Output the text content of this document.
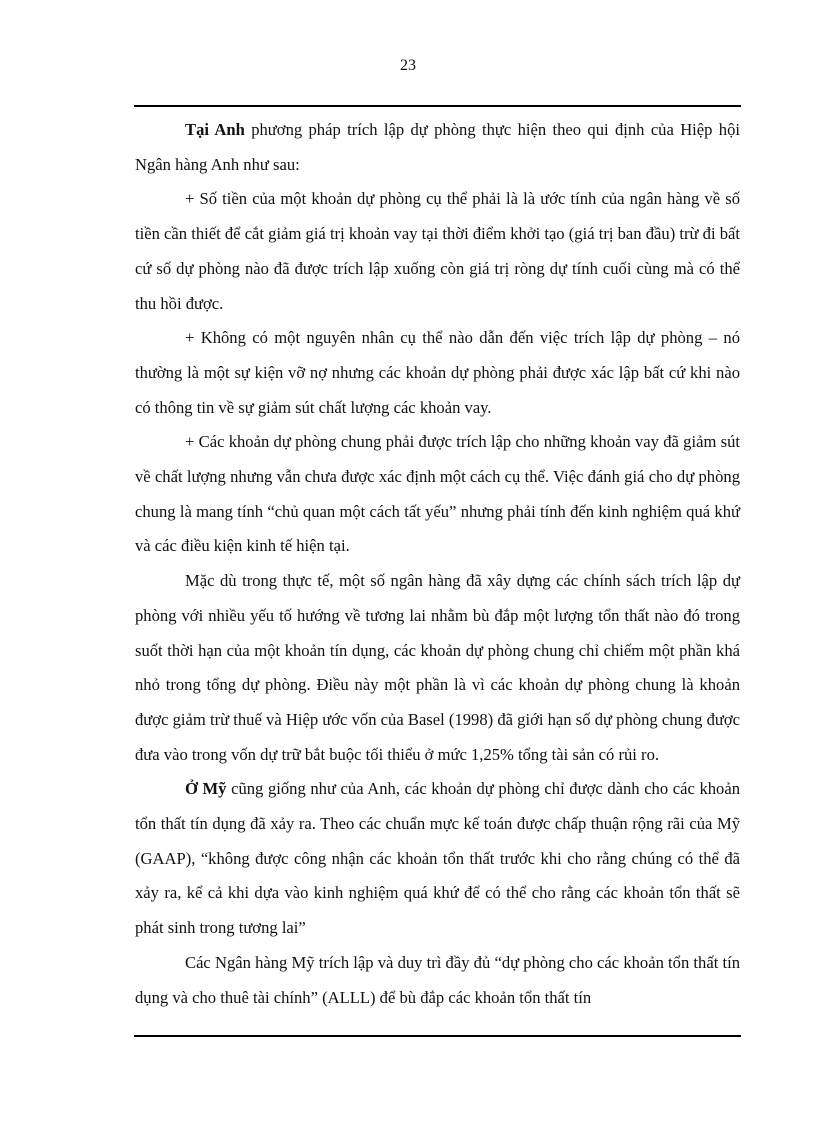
23

Tại Anh phương pháp trích lập dự phòng thực hiện theo qui định của Hiệp hội Ngân hàng Anh như sau:

+ Số tiền của một khoản dự phòng cụ thể phải là là ước tính của ngân hàng về số tiền cần thiết để cắt giảm giá trị khoản vay tại thời điểm khởi tạo (giá trị ban đầu) trừ đi bất cứ số dự phòng nào đã được trích lập xuống còn giá trị ròng dự tính cuối cùng mà có thể thu hồi được.

+ Không có một nguyên nhân cụ thể nào dẫn đến việc trích lập dự phòng – nó thường là một sự kiện vỡ nợ nhưng các khoản dự phòng phải được xác lập bất cứ khi nào có thông tin về sự giảm sút chất lượng các khoản vay.

+ Các khoản dự phòng chung phải được trích lập cho những khoản vay đã giảm sút về chất lượng nhưng vẫn chưa được xác định một cách cụ thể. Việc đánh giá cho dự phòng chung là mang tính “chủ quan một cách tất yếu” nhưng phải tính đến kinh nghiệm quá khứ và các điều kiện kinh tế hiện tại.

Mặc dù trong thực tế, một số ngân hàng đã xây dựng các chính sách trích lập dự phòng với nhiều yếu tố hướng về tương lai nhằm bù đắp một lượng tổn thất nào đó trong suốt thời hạn của một khoản tín dụng, các khoản dự phòng chung chỉ chiếm một phần khá nhỏ trong tổng dự phòng. Điều này một phần là vì các khoản dự phòng chung là khoản được giảm trừ thuế và Hiệp ước vốn của Basel (1998) đã giới hạn số dự phòng chung được đưa vào trong vốn dự trữ bắt buộc tối thiểu ở mức 1,25% tổng tài sản có rủi ro.

Ở Mỹ cũng giống như của Anh, các khoản dự phòng chỉ được dành cho các khoản tổn thất tín dụng đã xảy ra. Theo các chuẩn mực kế toán được chấp thuận rộng rãi của Mỹ (GAAP), “không được công nhận các khoản tổn thất trước khi cho rằng chúng có thể đã xảy ra, kể cả khi dựa vào kinh nghiệm quá khứ để có thể cho rằng các khoản tổn thất sẽ phát sinh trong tương lai”

Các Ngân hàng Mỹ trích lập và duy trì đầy đủ “dự phòng cho các khoản tổn thất tín dụng và cho thuê tài chính” (ALLL) để bù đắp các khoản tổn thất tín
